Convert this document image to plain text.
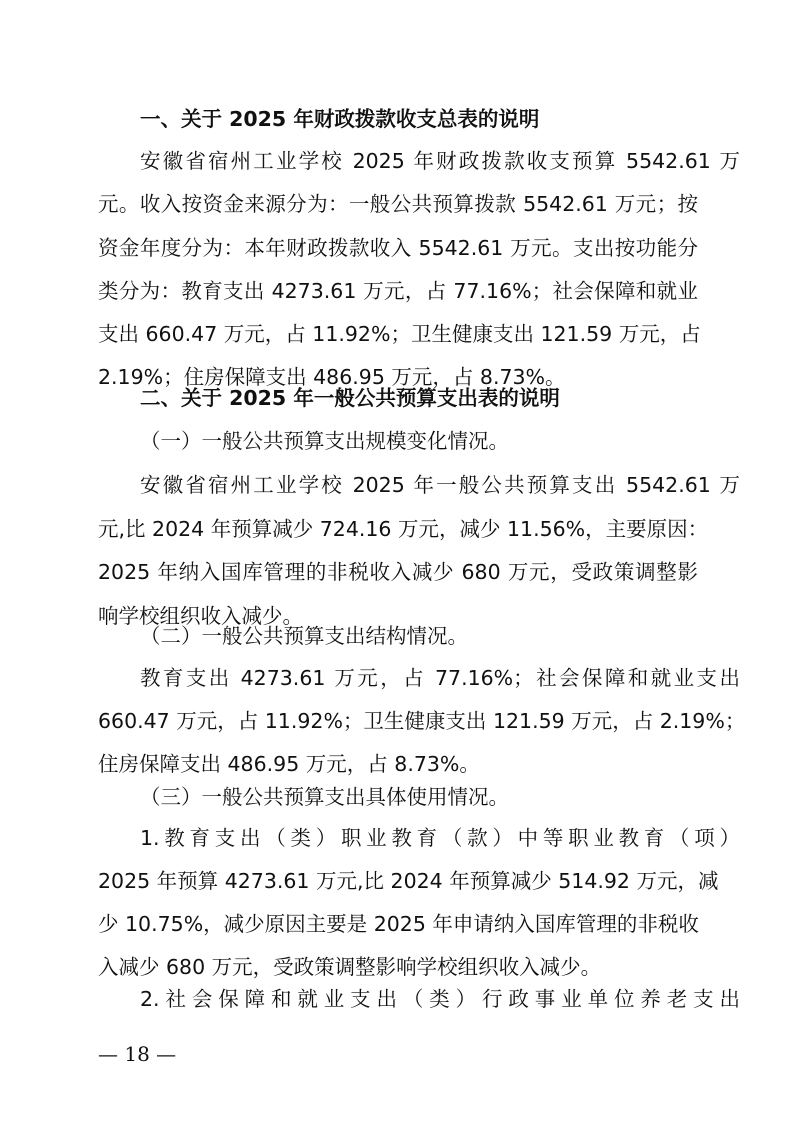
一、关于 2025 年财政拨款收支总表的说明

安徽省宿州工业学校 2025 年财政拨款收支预算 5542.61 万

元。收入按资金来源分为：一般公共预算拨款 5542.61 万元；按

资金年度分为：本年财政拨款收入 5542.61 万元。支出按功能分

类分为：教育支出 4273.61 万元，占 77.16%；社会保障和就业

支出 660.47 万元，占 11.92%；卫生健康支出 121.59 万元，占

2.19%；住房保障支出 486.95 万元，占 8.73%。

二、关于 2025 年一般公共预算支出表的说明

（一）一般公共预算支出规模变化情况。

安徽省宿州工业学校 2025 年一般公共预算支出 5542.61 万

元,比 2024 年预算减少 724.16 万元，减少 11.56%，主要原因：

2025 年纳入国库管理的非税收入减少 680 万元，受政策调整影

响学校组织收入减少。

（二）一般公共预算支出结构情况。

教育支出 4273.61 万元，占 77.16%；社会保障和就业支出

660.47 万元，占 11.92%；卫生健康支出 121.59 万元，占 2.19%；

住房保障支出 486.95 万元，占 8.73%。

（三）一般公共预算支出具体使用情况。

1.教育支出（类）职业教育（款）中等职业教育（项）

2025 年预算 4273.61 万元,比 2024 年预算减少 514.92 万元，减

少 10.75%，减少原因主要是 2025 年申请纳入国库管理的非税收

入减少 680 万元，受政策调整影响学校组织收入减少。

2.社会保障和就业支出（类）行政事业单位养老支出

— 18 —
